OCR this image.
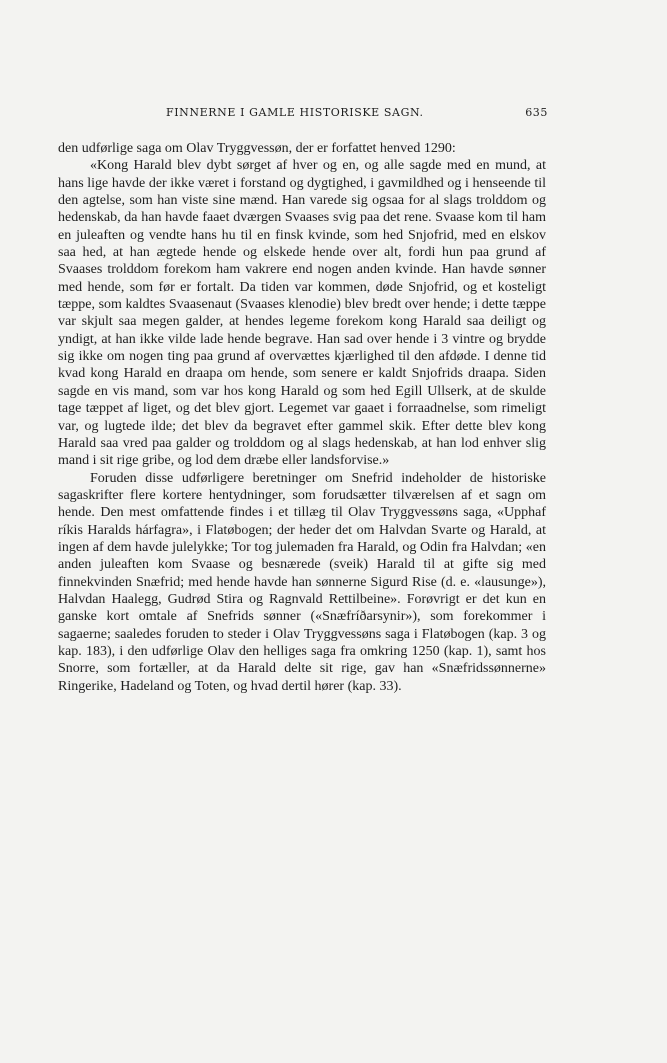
FINNERNE I GAMLE HISTORISKE SAGN.	635

den udførlige saga om Olav Tryggvessøn, der er forfattet henved 1290:

«Kong Harald blev dybt sørget af hver og en, og alle sagde med en mund, at hans lige havde der ikke været i forstand og dygtighed, i gavmildhed og i henseende til den agtelse, som han viste sine mænd. Han varede sig ogsaa for al slags trolddom og hedenskab, da han havde faaet dværgen Svaases svig paa det rene. Svaase kom til ham en juleaften og vendte hans hu til en finsk kvinde, som hed Snjofrid, med en elskov saa hed, at han ægtede hende og elskede hende over alt, fordi hun paa grund af Svaases trolddom forekom ham vakrere end nogen anden kvinde. Han havde sønner med hende, som før er fortalt. Da tiden var kommen, døde Snjofrid, og et kosteligt tæppe, som kaldtes Svaasenaut (Svaases klenodie) blev bredt over hende; i dette tæppe var skjult saa megen galder, at hendes legeme forekom kong Harald saa deiligt og yndigt, at han ikke vilde lade hende begrave. Han sad over hende i 3 vintre og brydde sig ikke om nogen ting paa grund af overvættes kjærlighed til den afdøde. I denne tid kvad kong Harald en draapa om hende, som senere er kaldt Snjofrids draapa. Siden sagde en vis mand, som var hos kong Harald og som hed Egill Ullserk, at de skulde tage tæppet af liget, og det blev gjort. Legemet var gaaet i forraadnelse, som rimeligt var, og lugtede ilde; det blev da begravet efter gammel skik. Efter dette blev kong Harald saa vred paa galder og trolddom og al slags hedenskab, at han lod enhver slig mand i sit rige gribe, og lod dem dræbe eller landsforvise.»

Foruden disse udførligere beretninger om Snefrid indeholder de historiske sagaskrifter flere kortere hentydninger, som forudsætter tilværelsen af et sagn om hende. Den mest omfattende findes i et tillæg til Olav Tryggvessøns saga, «Upphaf ríkis Haralds hárfagra», i Flatøbogen; der heder det om Halvdan Svarte og Harald, at ingen af dem havde julelykke; Tor tog julemaden fra Harald, og Odin fra Halvdan; «en anden juleaften kom Svaase og besnærede (sveik) Harald til at gifte sig med finnekvinden Snæfrid; med hende havde han sønnerne Sigurd Rise (d. e. «lausunge»), Halvdan Haalegg, Gudrød Stira og Ragnvald Rettilbeine». Forøvrigt er det kun en ganske kort omtale af Snefrids sønner («Snæfríðarsynir»), som forekommer i sagaerne; saaledes foruden to steder i Olav Tryggvessøns saga i Flatøbogen (kap. 3 og kap. 183), i den udførlige Olav den helliges saga fra omkring 1250 (kap. 1), samt hos Snorre, som fortæller, at da Harald delte sit rige, gav han «Snæfridssønnerne» Ringerike, Hadeland og Toten, og hvad dertil hører (kap. 33).
